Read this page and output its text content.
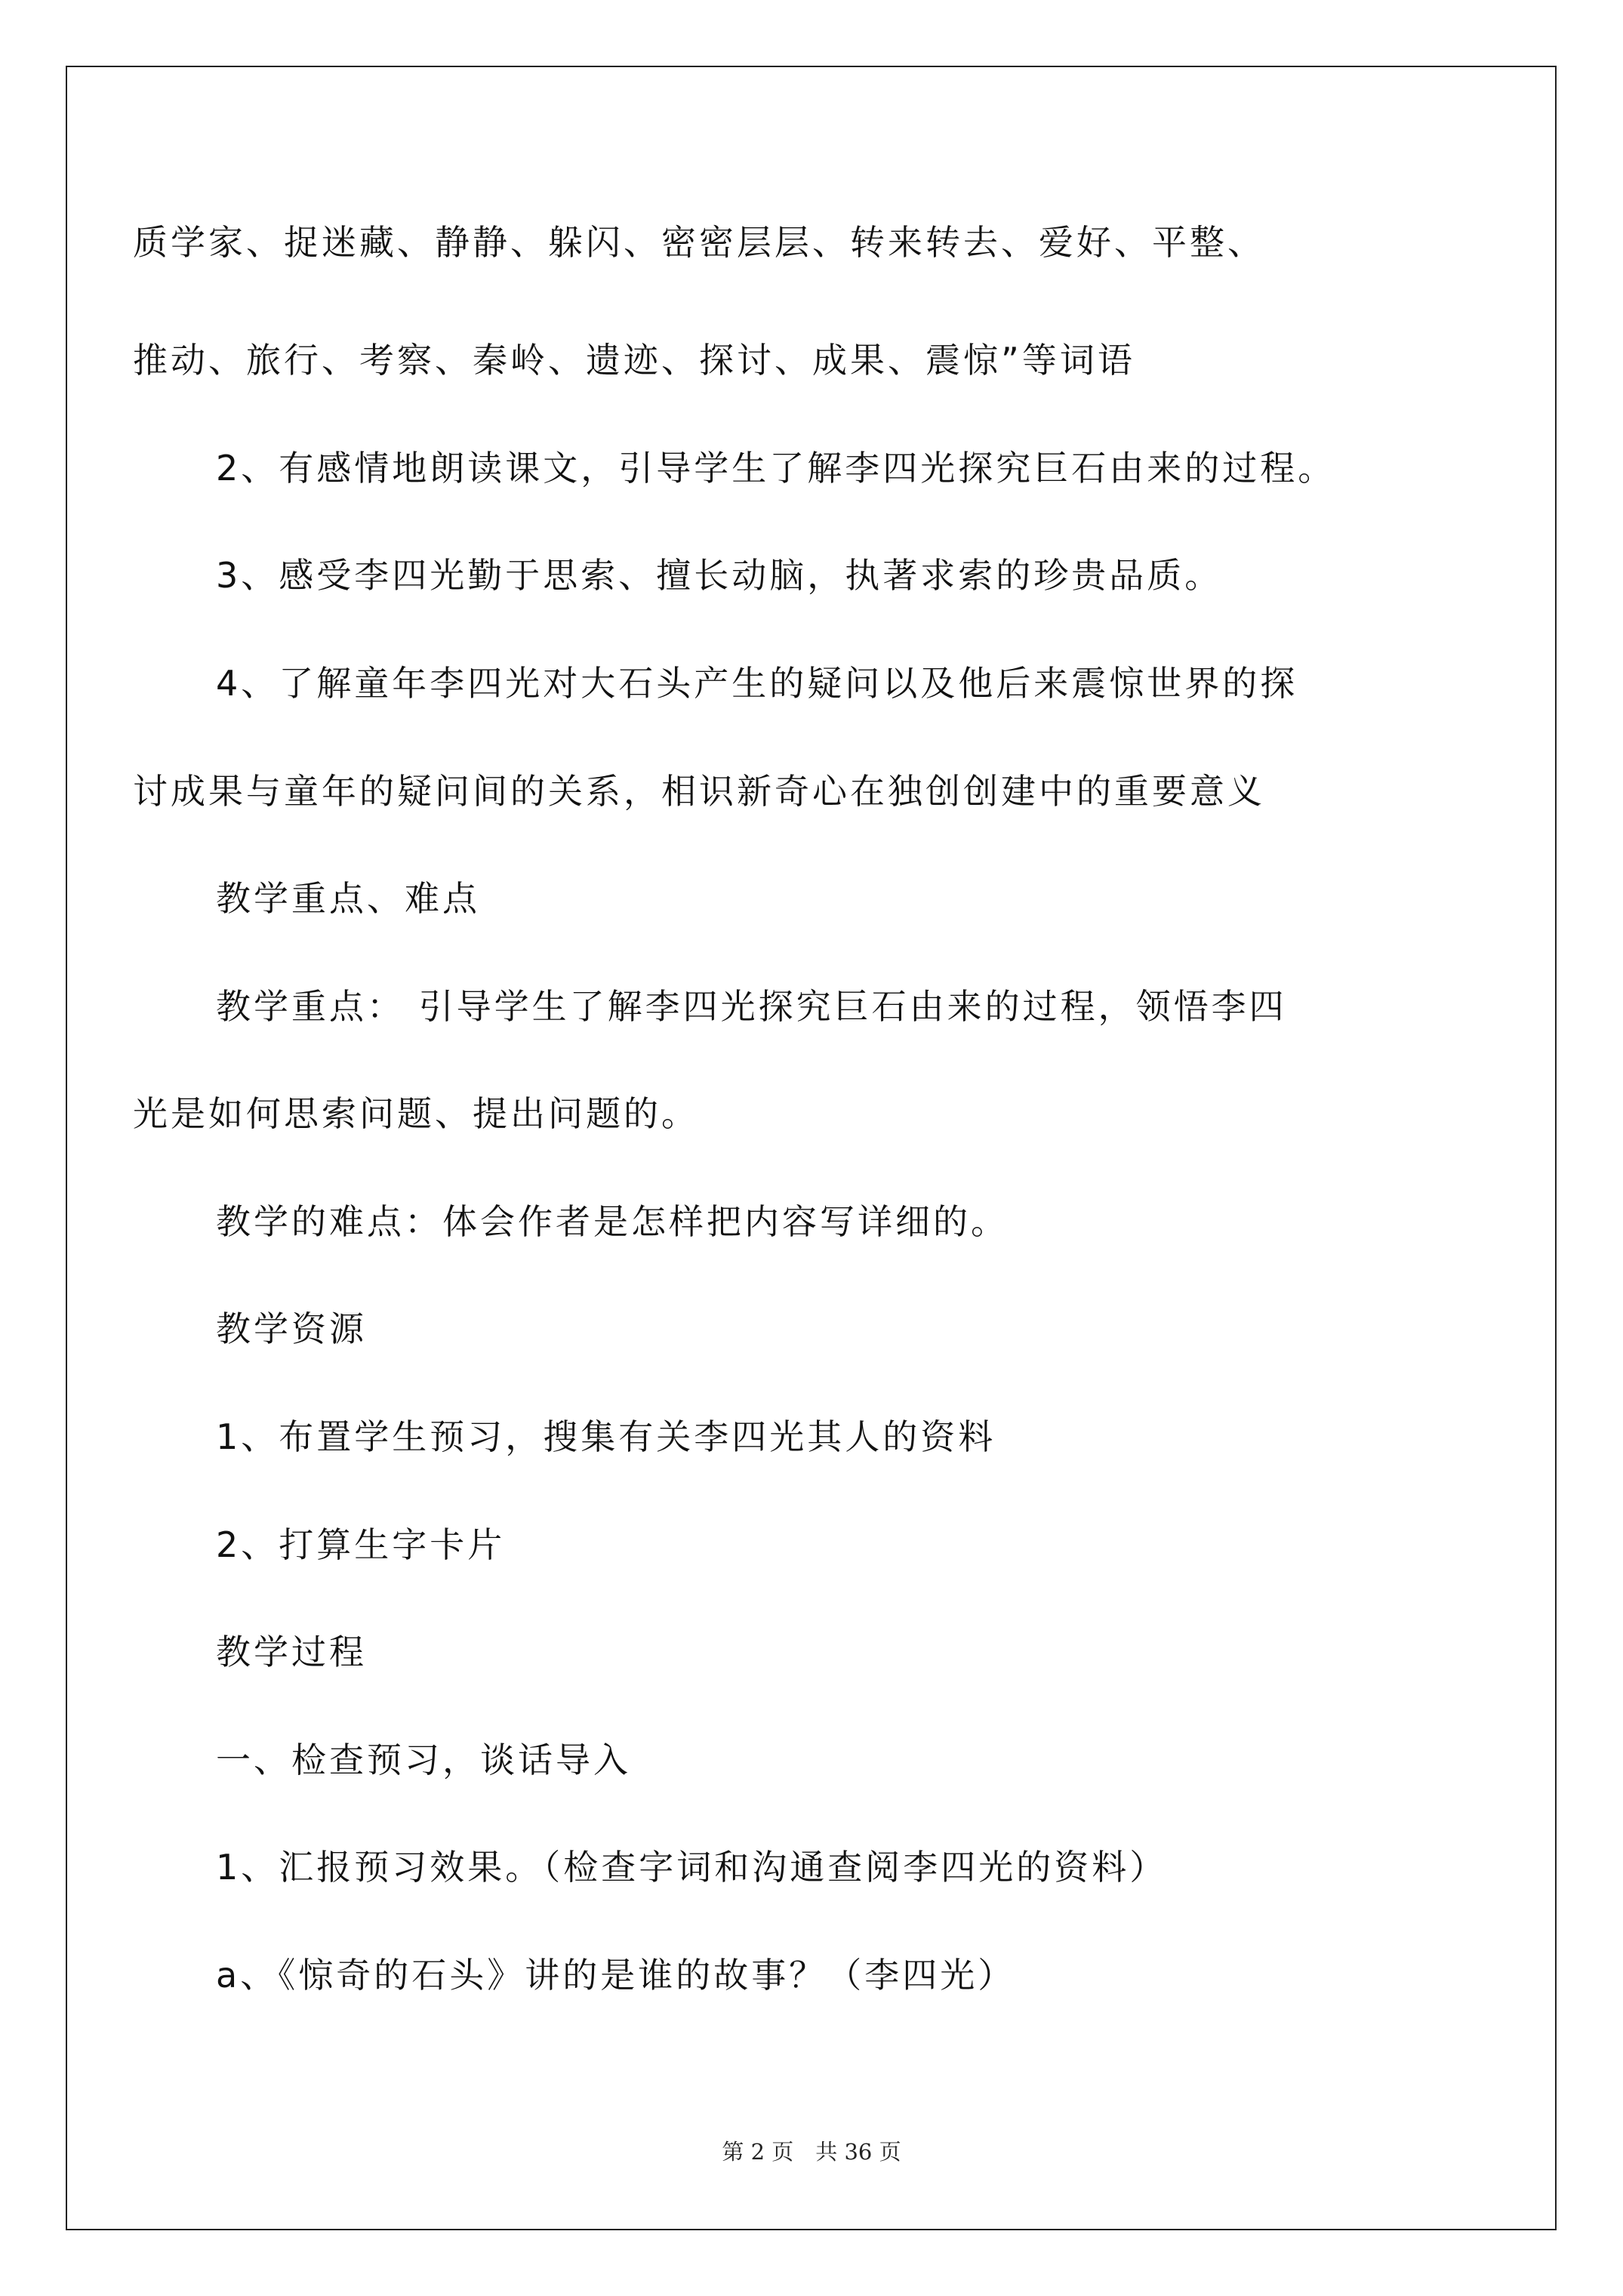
质学家、捉迷藏、静静、躲闪、密密层层、转来转去、爱好、平整、
推动、旅行、考察、秦岭、遗迹、探讨、成果、震惊”等词语
2、有感情地朗读课文，引导学生了解李四光探究巨石由来的过程。
3、感受李四光勤于思索、擅长动脑，执著求索的珍贵品质。
4、了解童年李四光对大石头产生的疑问以及他后来震惊世界的探
讨成果与童年的疑问间的关系，相识新奇心在独创创建中的重要意义
教学重点、难点
教学重点： 引导学生了解李四光探究巨石由来的过程，领悟李四
光是如何思索问题、提出问题的。
教学的难点：体会作者是怎样把内容写详细的。
教学资源
1、布置学生预习，搜集有关李四光其人的资料
2、打算生字卡片
教学过程
一、检查预习，谈话导入
1、汇报预习效果。（检查字词和沟通查阅李四光的资料）
a、《惊奇的石头》讲的是谁的故事？（李四光）
第 2 页　共 36 页
